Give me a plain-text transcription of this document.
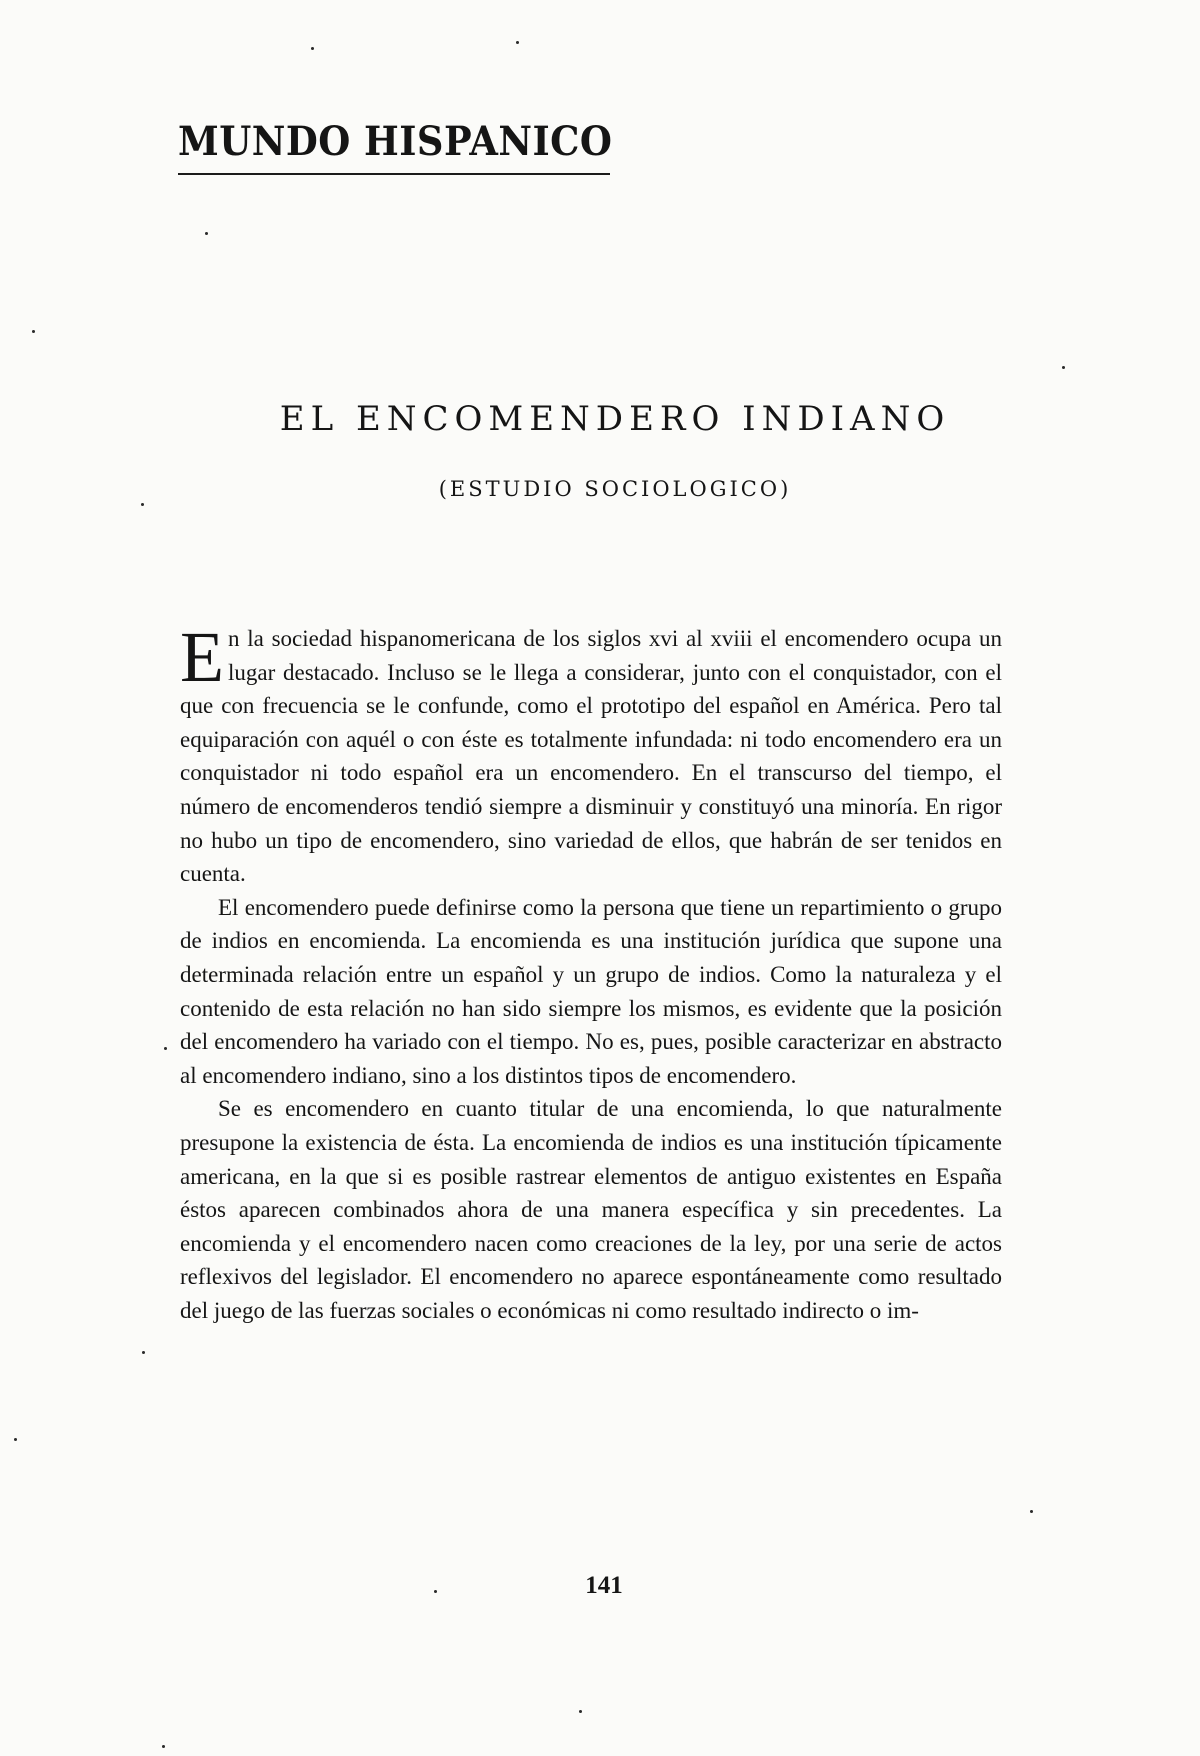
MUNDO HISPANICO
EL ENCOMENDERO INDIANO
(ESTUDIO SOCIOLOGICO)

En la sociedad hispanomericana de los siglos xvi al xviii el encomendero ocupa un lugar destacado. Incluso se le llega a considerar, junto con el conquistador, con el que con frecuencia se le confunde, como el prototipo del español en América. Pero tal equiparación con aquél o con éste es totalmente infundada: ni todo encomendero era un conquistador ni todo español era un encomendero. En el transcurso del tiempo, el número de encomenderos tendió siempre a disminuir y constituyó una minoría. En rigor no hubo un tipo de encomendero, sino variedad de ellos, que habrán de ser tenidos en cuenta.

El encomendero puede definirse como la persona que tiene un repartimiento o grupo de indios en encomienda. La encomienda es una institución jurídica que supone una determinada relación entre un español y un grupo de indios. Como la naturaleza y el contenido de esta relación no han sido siempre los mismos, es evidente que la posición del encomendero ha variado con el tiempo. No es, pues, posible caracterizar en abstracto al encomendero indiano, sino a los distintos tipos de encomendero.

Se es encomendero en cuanto titular de una encomienda, lo que naturalmente presupone la existencia de ésta. La encomienda de indios es una institución típicamente americana, en la que si es posible rastrear elementos de antiguo existentes en España éstos aparecen combinados ahora de una manera específica y sin precedentes. La encomienda y el encomendero nacen como creaciones de la ley, por una serie de actos reflexivos del legislador. El encomendero no aparece espontáneamente como resultado del juego de las fuerzas sociales o económicas ni como resultado indirecto o im-

141
